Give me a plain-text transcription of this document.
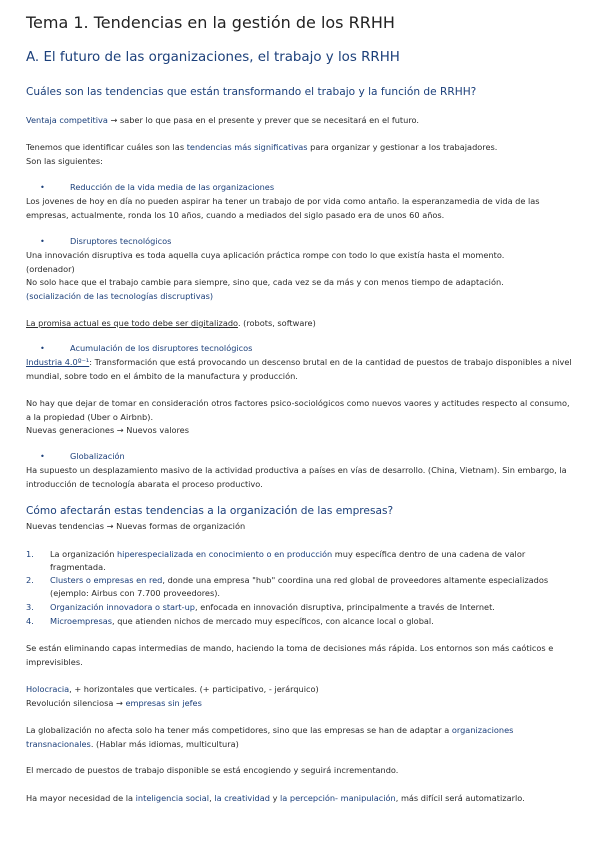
Tema 1. Tendencias en la gestión de los RRHH
A. El futuro de las organizaciones, el trabajo y los RRHH
Cuáles son las tendencias que están transformando el trabajo y la función de RRHH?
Ventaja competitiva → saber lo que pasa en el presente y prever que se necesitará en el futuro.
Tenemos que identificar cuáles son las tendencias más significativas para organizar y gestionar a los trabajadores.
Son las siguientes:
•	Reducción de la vida media de las organizaciones
Los jovenes de hoy en día no pueden aspirar ha tener un trabajo de por vida como antaño. la esperanzamedia de vida de las empresas, actualmente, ronda los 10 años, cuando a mediados del siglo pasado era de unos 60 años.
•	Disruptores tecnológicos
Una innovación disruptiva es toda aquella cuya aplicación práctica rompe con todo lo que existía hasta el momento.
(ordenador)
No solo hace que el trabajo cambie para siempre, sino que, cada vez se da más y con menos tiempo de adaptación.
(socialización de las tecnologías discruptivas)
La promisa actual es que todo debe ser digitalizado. (robots, software)
•	Acumulación de los disruptores tecnológicos
Industria 4.0º⁻¹: Transformación que está provocando un descenso brutal en de la cantidad de puestos de trabajo disponibles a nivel mundial, sobre todo en el ámbito de la manufactura y producción.
No hay que dejar de tomar en consideración otros factores psico-sociológicos como nuevos vaores y actitudes respecto al consumo, a la propiedad (Uber o Airbnb).
Nuevas generaciones → Nuevos valores
•	Globalización
Ha supuesto un desplazamiento masivo de la actividad productiva a países en vías de desarrollo. (China, Vietnam). Sin embargo, la introducción de tecnología abarata el proceso productivo.
Cómo afectarán estas tendencias a la organización de las empresas?
Nuevas tendencias → Nuevas formas de organización
1. La organización hiperespecializada en conocimiento o en producción muy específica dentro de una cadena de valor fragmentada.
2. Clusters o empresas en red, donde una empresa "hub" coordina una red global de proveedores altamente especializados (ejemplo: Airbus con 7.700 proveedores).
3. Organización innovadora o start-up, enfocada en innovación disruptiva, principalmente a través de Internet.
4. Microempresas, que atienden nichos de mercado muy específicos, con alcance local o global.
Se están eliminando capas intermedias de mando, haciendo la toma de decisiones más rápida. Los entornos son más caóticos e imprevisibles.
Holocracia, + horizontales que verticales. (+ participativo, - jerárquico)
Revolución silenciosa → empresas sin jefes
La globalización no afecta solo ha tener más competidores, sino que las empresas se han de adaptar a organizaciones transnacionales. (Hablar más idiomas, multicultura)
El mercado de puestos de trabajo disponible se está encogiendo y seguirá incrementando.
Ha mayor necesidad de la inteligencia social, la creatividad y la percepción- manipulación, más difícil será automatizarlo.
